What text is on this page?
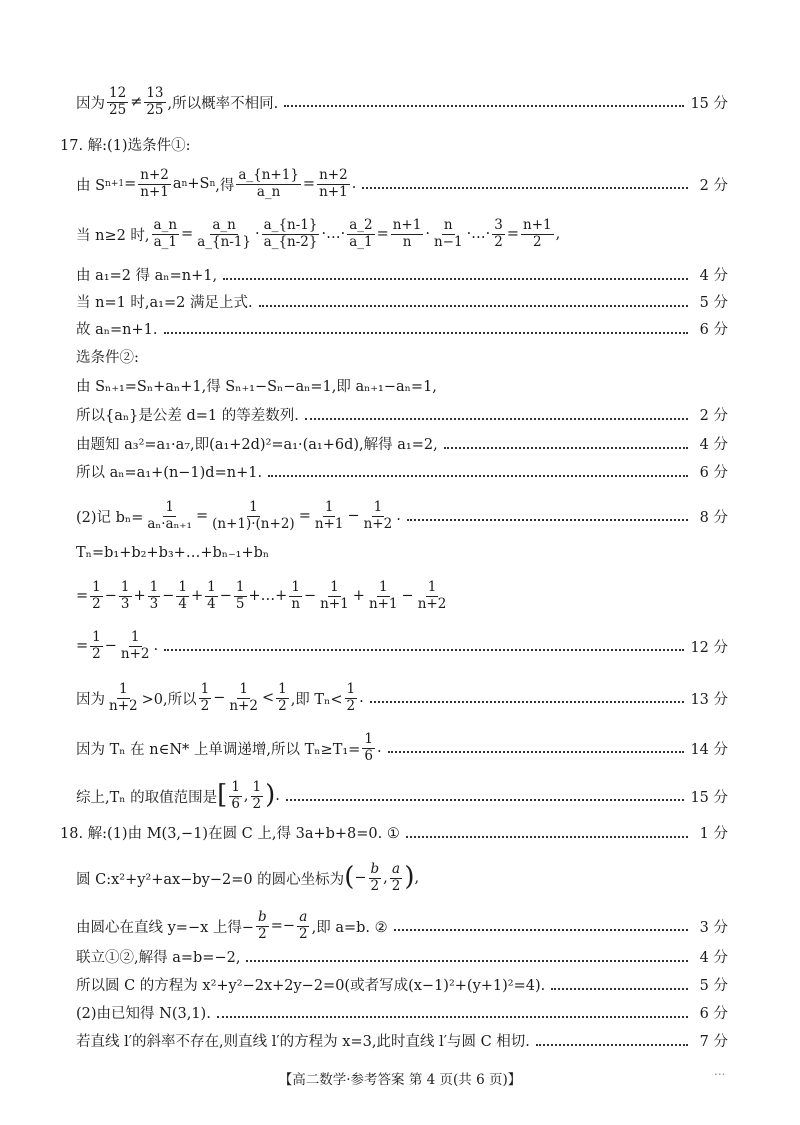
因为 $\frac{12}{25} \ne \frac{13}{25}$ ,所以概率不相同.	15 分
17. 解:(1)选条件①:
由 S $n+1 = \frac{n+2}{n+1}$ a n +S n ,得 $\frac{a\_\{n+1\}}{a\_n} = \frac{n+2}{n+1}$ .	2 分
当 n≥2 时, $\frac{a\_n}{a\_1} = \frac{a\_n}{a\_\{n-1\}} \cdot \frac{a\_\{n-1\}}{a\_\{n-2\}}$ ·…· $\frac{a\_2}{a\_1} = \frac{n+1}{n} \cdot \frac{n}{n-1}$ ·…· $\frac{3}{2} = \frac{n+1}{2}$ ,
由 a₁=2 得 aₙ=n+1,	4 分
当 n=1 时,a₁=2 满足上式.	5 分
故 aₙ=n+1.	6 分
选条件②:
由 Sₙ₊₁=Sₙ+aₙ+1,得 Sₙ₊₁−Sₙ−aₙ=1,即 aₙ₊₁−aₙ=1,
所以{aₙ}是公差 d=1 的等差数列.	2 分
由题知 a₃²=a₁·a₇,即(a₁+2d)²=a₁·(a₁+6d),解得 a₁=2,	4 分
所以 aₙ=a₁+(n−1)d=n+1.	6 分
(2)记 $b_n= \frac{1}{\text{aₙ·aₙ₊₁}} = \frac{1}{(n+1)\cdot(n+2)} = \frac{1}{n+1} - \frac{1}{n+2}$ .	8 分
Tₙ=b₁+b₂+b₃+…+bₙ₋₁+bₙ
= $\frac{1}{2} - \frac{1}{3} + \frac{1}{3} - \frac{1}{4} + \frac{1}{4} - \frac{1}{5}$ +…+ $\frac{1}{n} - \frac{1}{n+1} + \frac{1}{n+1} - \frac{1}{n+2}$
= $\frac{1}{2} - \frac{1}{n+2}$ .	12 分
因为 $\frac{1}{n+2} >0$,所以 $\frac{1}{2} - \frac{1}{n+2} < \frac{1}{2}$ ,即 $T_n< \frac{1}{2}$ .	13 分
因为 Tₙ 在 n∈N* 上单调递增,所以 $T_n\ge T_1= \frac{1}{6}$ .	14 分
综上,Tₙ 的取值范围是 [ $\frac{1}{6}$ , $\frac{1}{2}$ ) .	15 分
18. 解:(1)由 M(3,−1)在圆 C 上,得 3a+b+8=0. ①	1 分
圆 C:x²+y²+ax−by−2=0 的圆心坐标为 ( − $\frac{b}{2}$ , $\frac{a}{2}$ ) ,
由圆心在直线 y=−x 上得− $\frac{b}{2} =- \frac{a}{2}$ ,即 a=b. ②	3 分
联立①②,解得 a=b=−2,	4 分
所以圆 C 的方程为 x²+y²−2x+2y−2=0(或者写成(x−1)²+(y+1)²=4).	5 分
(2)由已知得 N(3,1).	6 分
若直线 l′的斜率不存在,则直线 l′的方程为 x=3,此时直线 l′与圆 C 相切.	7 分
【高二数学·参考答案 第 4 页(共 6 页)】
...
